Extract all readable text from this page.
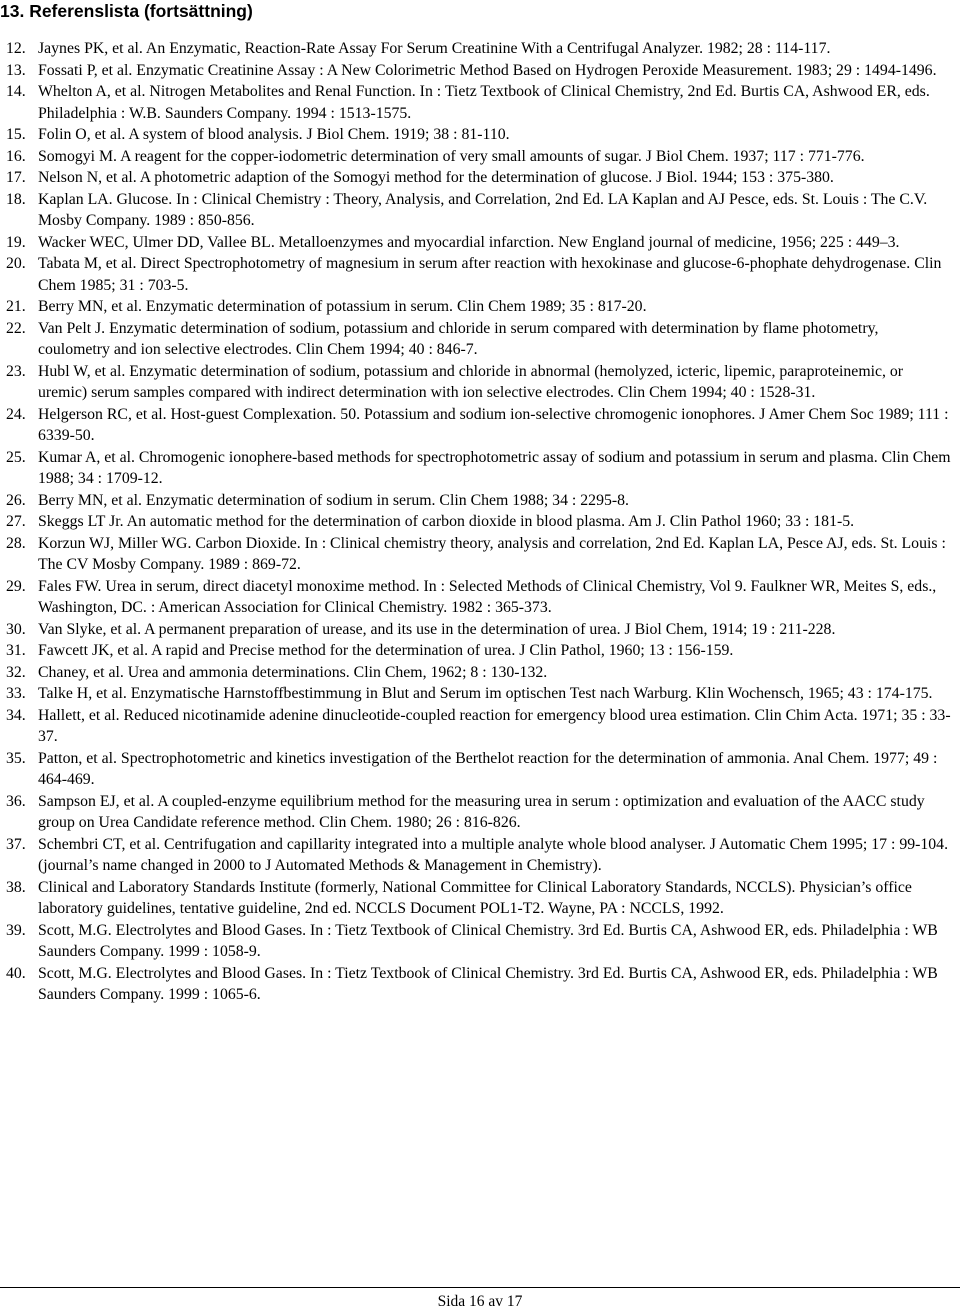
13. Referenslista (fortsättning)
12. Jaynes PK, et al. An Enzymatic, Reaction-Rate Assay For Serum Creatinine With a Centrifugal Analyzer. 1982; 28 : 114-117.
13. Fossati P, et al. Enzymatic Creatinine Assay : A New Colorimetric Method Based on Hydrogen Peroxide Measurement. 1983; 29 : 1494-1496.
14. Whelton A, et al. Nitrogen Metabolites and Renal Function. In : Tietz Textbook of Clinical Chemistry, 2nd Ed. Burtis CA, Ashwood ER, eds. Philadelphia : W.B. Saunders Company. 1994 : 1513-1575.
15. Folin O, et al. A system of blood analysis. J Biol Chem. 1919; 38 : 81-110.
16. Somogyi M. A reagent for the copper-iodometric determination of very small amounts of sugar. J Biol Chem. 1937; 117 : 771-776.
17. Nelson N, et al. A photometric adaption of the Somogyi method for the determination of glucose. J Biol. 1944; 153 : 375-380.
18. Kaplan LA. Glucose. In : Clinical Chemistry : Theory, Analysis, and Correlation, 2nd Ed. LA Kaplan and AJ Pesce, eds. St. Louis : The C.V. Mosby Company. 1989 : 850-856.
19. Wacker WEC, Ulmer DD, Vallee BL. Metalloenzymes and myocardial infarction. New England journal of medicine, 1956; 225 : 449–3.
20. Tabata M, et al. Direct Spectrophotometry of magnesium in serum after reaction with hexokinase and glucose-6-phophate dehydrogenase. Clin Chem 1985; 31 : 703-5.
21. Berry MN, et al. Enzymatic determination of potassium in serum. Clin Chem 1989; 35 : 817-20.
22. Van Pelt J. Enzymatic determination of sodium, potassium and chloride in serum compared with determination by flame photometry, coulometry and ion selective electrodes. Clin Chem 1994; 40 : 846-7.
23. Hubl W, et al. Enzymatic determination of sodium, potassium and chloride in abnormal (hemolyzed, icteric, lipemic, paraproteinemic, or uremic) serum samples compared with indirect determination with ion selective electrodes. Clin Chem 1994; 40 : 1528-31.
24. Helgerson RC, et al. Host-guest Complexation. 50. Potassium and sodium ion-selective chromogenic ionophores. J Amer Chem Soc 1989; 111 : 6339-50.
25. Kumar A, et al. Chromogenic ionophere-based methods for spectrophotometric assay of sodium and potassium in serum and plasma. Clin Chem 1988; 34 : 1709-12.
26. Berry MN, et al. Enzymatic determination of sodium in serum. Clin Chem 1988; 34 : 2295-8.
27. Skeggs LT Jr. An automatic method for the determination of carbon dioxide in blood plasma. Am J. Clin Pathol 1960; 33 : 181-5.
28. Korzun WJ, Miller WG. Carbon Dioxide. In : Clinical chemistry theory, analysis and correlation, 2nd Ed. Kaplan LA, Pesce AJ, eds. St. Louis : The CV Mosby Company. 1989 : 869-72.
29. Fales FW. Urea in serum, direct diacetyl monoxime method. In : Selected Methods of Clinical Chemistry, Vol 9. Faulkner WR, Meites S, eds., Washington, DC. : American Association for Clinical Chemistry. 1982 : 365-373.
30. Van Slyke, et al. A permanent preparation of urease, and its use in the determination of urea. J Biol Chem, 1914; 19 : 211-228.
31. Fawcett JK, et al. A rapid and Precise method for the determination of urea. J Clin Pathol, 1960; 13 : 156-159.
32. Chaney, et al. Urea and ammonia determinations. Clin Chem, 1962; 8 : 130-132.
33. Talke H, et al. Enzymatische Harnstoffbestimmung in Blut and Serum im optischen Test nach Warburg. Klin Wochensch, 1965; 43 : 174-175.
34. Hallett, et al. Reduced nicotinamide adenine dinucleotide-coupled reaction for emergency blood urea estimation. Clin Chim Acta. 1971; 35 : 33-37.
35. Patton, et al. Spectrophotometric and kinetics investigation of the Berthelot reaction for the determination of ammonia. Anal Chem. 1977; 49 : 464-469.
36. Sampson EJ, et al. A coupled-enzyme equilibrium method for the measuring urea in serum : optimization and evaluation of the AACC study group on Urea Candidate reference method. Clin Chem. 1980; 26 : 816-826.
37. Schembri CT, et al. Centrifugation and capillarity integrated into a multiple analyte whole blood analyser. J Automatic Chem 1995; 17 : 99-104. (journal’s name changed in 2000 to J Automated Methods & Management in Chemistry).
38. Clinical and Laboratory Standards Institute (formerly, National Committee for Clinical Laboratory Standards, NCCLS). Physician’s office laboratory guidelines, tentative guideline, 2nd ed. NCCLS Document POL1-T2. Wayne, PA : NCCLS, 1992.
39. Scott, M.G. Electrolytes and Blood Gases. In : Tietz Textbook of Clinical Chemistry. 3rd Ed. Burtis CA, Ashwood ER, eds. Philadelphia : WB Saunders Company. 1999 : 1058-9.
40. Scott, M.G. Electrolytes and Blood Gases. In : Tietz Textbook of Clinical Chemistry. 3rd Ed. Burtis CA, Ashwood ER, eds. Philadelphia : WB Saunders Company. 1999 : 1065-6.
Sida 16 av 17
